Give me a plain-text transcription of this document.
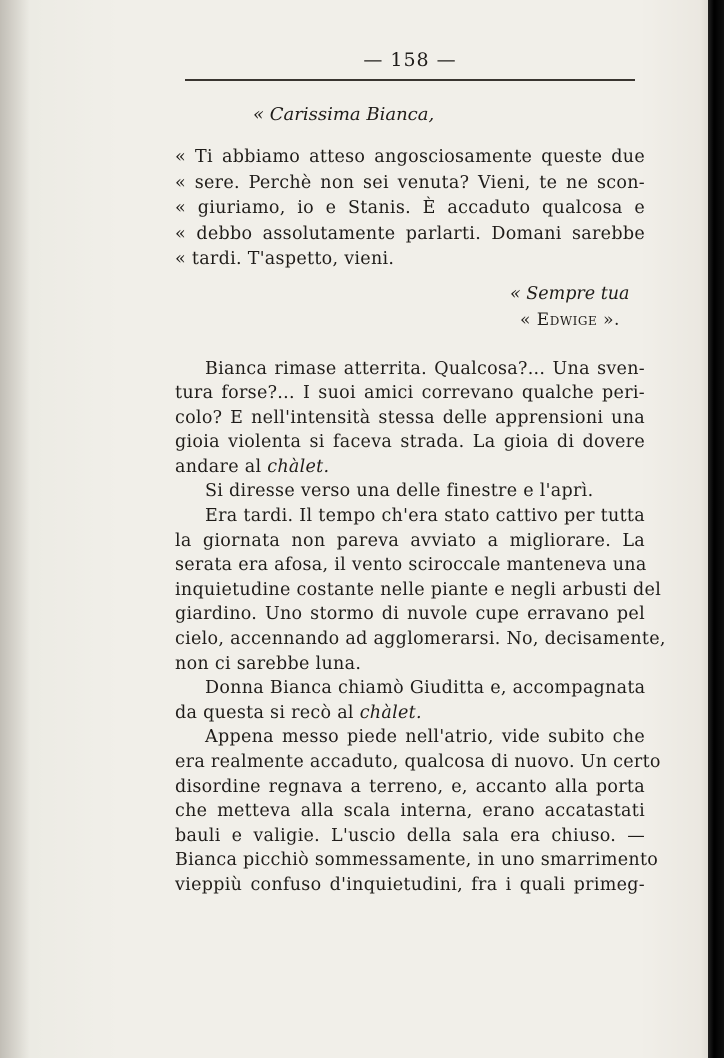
— 158 —
« Carissima Bianca,
« Ti abbiamo atteso angosciosamente queste due
« sere. Perchè non sei venuta? Vieni, te ne scon-
« giuriamo, io e Stanis. È accaduto qualcosa e
« debbo assolutamente parlarti. Domani sarebbe
« tardi. T'aspetto, vieni.
« Sempre tua
« Edwige ».
Bianca rimase atterrita. Qualcosa?... Una sven-
tura forse?... I suoi amici correvano qualche peri-
colo? E nell'intensità stessa delle apprensioni una
gioia violenta si faceva strada. La gioia di dovere
andare al chàlet.
Si diresse verso una delle finestre e l'aprì.
Era tardi. Il tempo ch'era stato cattivo per tutta
la giornata non pareva avviato a migliorare. La
serata era afosa, il vento sciroccale manteneva una
inquietudine costante nelle piante e negli arbusti del
giardino. Uno stormo di nuvole cupe erravano pel
cielo, accennando ad agglomerarsi. No, decisamente,
non ci sarebbe luna.
Donna Bianca chiamò Giuditta e, accompagnata
da questa si recò al chàlet.
Appena messo piede nell'atrio, vide subito che
era realmente accaduto, qualcosa di nuovo. Un certo
disordine regnava a terreno, e, accanto alla porta
che metteva alla scala interna, erano accatastati
bauli e valigie. L'uscio della sala era chiuso. —
Bianca picchiò sommessamente, in uno smarrimento
vieppiù confuso d'inquietudini, fra i quali primeg-
